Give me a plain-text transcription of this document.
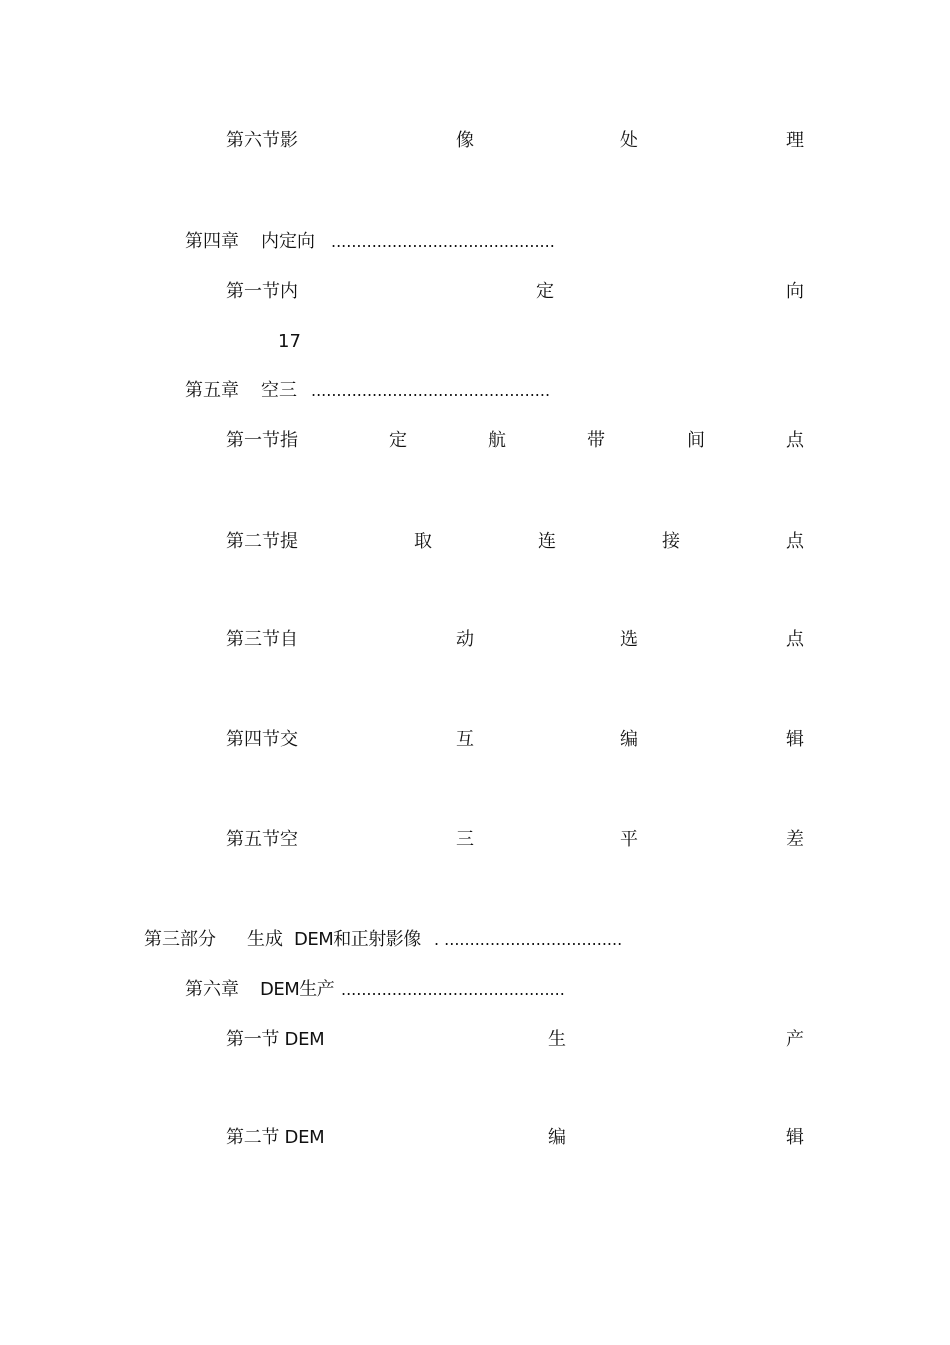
第六节影	像	处	理
第四章 内定向 ............................................
第一节内	定	向
17
第五章 空三 ...............................................
第一节指	定	航	带	间	点
第二节提	取	连	接	点
第三节自	动	选	点
第四节交	互	编	辑
第五节空	三	平	差
第三部分 生成 DEM和正射影像 . ...................................
第六章 DEM生产 ............................................
第一节 DEM	生	产
第二节 DEM	编	辑
